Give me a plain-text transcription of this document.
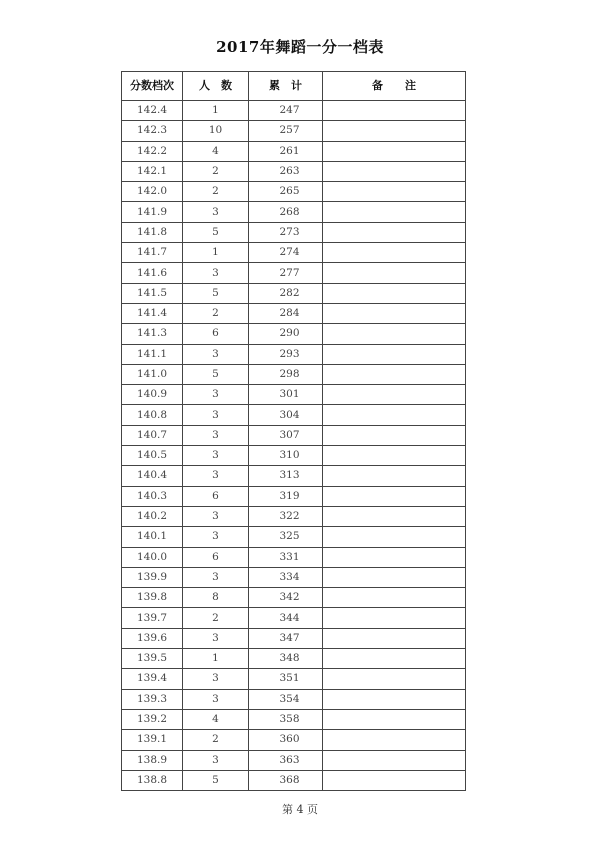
2017年舞蹈一分一档表
分数档次	人　数	累　计	备　　注
142.4	1	247	
142.3	10	257	
142.2	4	261	
142.1	2	263	
142.0	2	265	
141.9	3	268	
141.8	5	273	
141.7	1	274	
141.6	3	277	
141.5	5	282	
141.4	2	284	
141.3	6	290	
141.1	3	293	
141.0	5	298	
140.9	3	301	
140.8	3	304	
140.7	3	307	
140.5	3	310	
140.4	3	313	
140.3	6	319	
140.2	3	322	
140.1	3	325	
140.0	6	331	
139.9	3	334	
139.8	8	342	
139.7	2	344	
139.6	3	347	
139.5	1	348	
139.4	3	351	
139.3	3	354	
139.2	4	358	
139.1	2	360	
138.9	3	363	
138.8	5	368	
第 4 页
